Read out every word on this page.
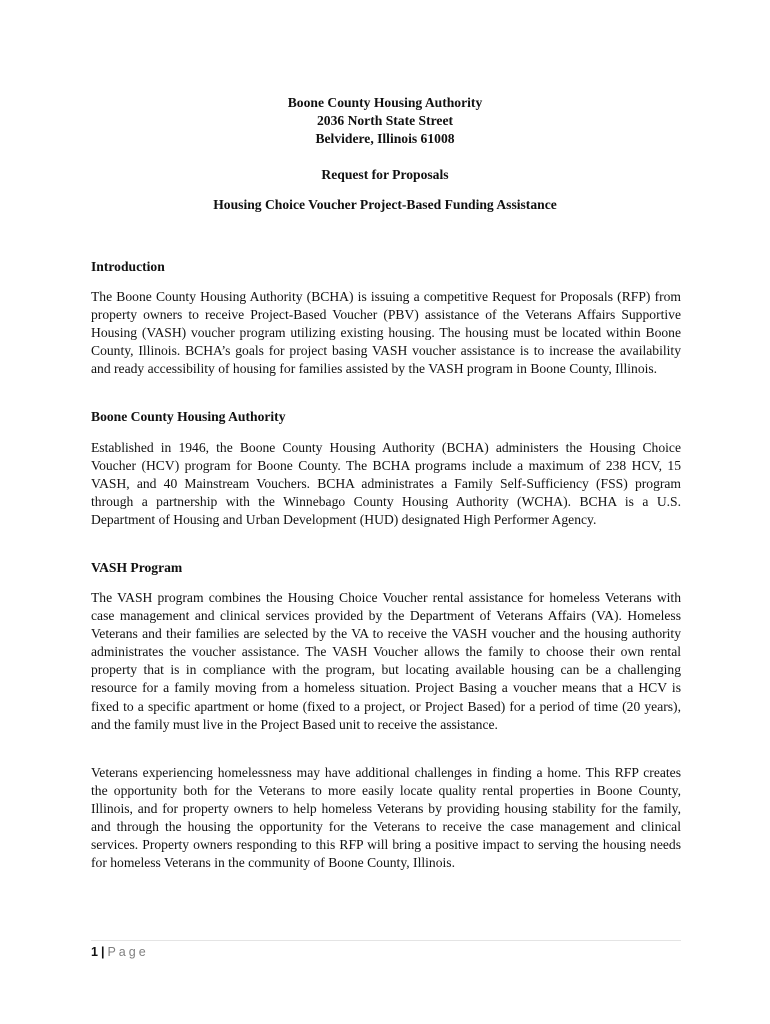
Boone County Housing Authority
2036 North State Street
Belvidere, Illinois 61008
Request for Proposals
Housing Choice Voucher Project-Based Funding Assistance
Introduction
The Boone County Housing Authority (BCHA) is issuing a competitive Request for Proposals (RFP) from property owners to receive Project-Based Voucher (PBV) assistance of the Veterans Affairs Supportive Housing (VASH) voucher program utilizing existing housing. The housing must be located within Boone County, Illinois. BCHA’s goals for project basing VASH voucher assistance is to increase the availability and ready accessibility of housing for families assisted by the VASH program in Boone County, Illinois.
Boone County Housing Authority
Established in 1946, the Boone County Housing Authority (BCHA) administers the Housing Choice Voucher (HCV) program for Boone County. The BCHA programs include a maximum of 238 HCV, 15 VASH, and 40 Mainstream Vouchers. BCHA administrates a Family Self-Sufficiency (FSS) program through a partnership with the Winnebago County Housing Authority (WCHA). BCHA is a U.S. Department of Housing and Urban Development (HUD) designated High Performer Agency.
VASH Program
The VASH program combines the Housing Choice Voucher rental assistance for homeless Veterans with case management and clinical services provided by the Department of Veterans Affairs (VA). Homeless Veterans and their families are selected by the VA to receive the VASH voucher and the housing authority administrates the voucher assistance. The VASH Voucher allows the family to choose their own rental property that is in compliance with the program, but locating available housing can be a challenging resource for a family moving from a homeless situation. Project Basing a voucher means that a HCV is fixed to a specific apartment or home (fixed to a project, or Project Based) for a period of time (20 years), and the family must live in the Project Based unit to receive the assistance.
Veterans experiencing homelessness may have additional challenges in finding a home. This RFP creates the opportunity both for the Veterans to more easily locate quality rental properties in Boone County, Illinois, and for property owners to help homeless Veterans by providing housing stability for the family, and through the housing the opportunity for the Veterans to receive the case management and clinical services. Property owners responding to this RFP will bring a positive impact to serving the housing needs for homeless Veterans in the community of Boone County, Illinois.
1 | Page
